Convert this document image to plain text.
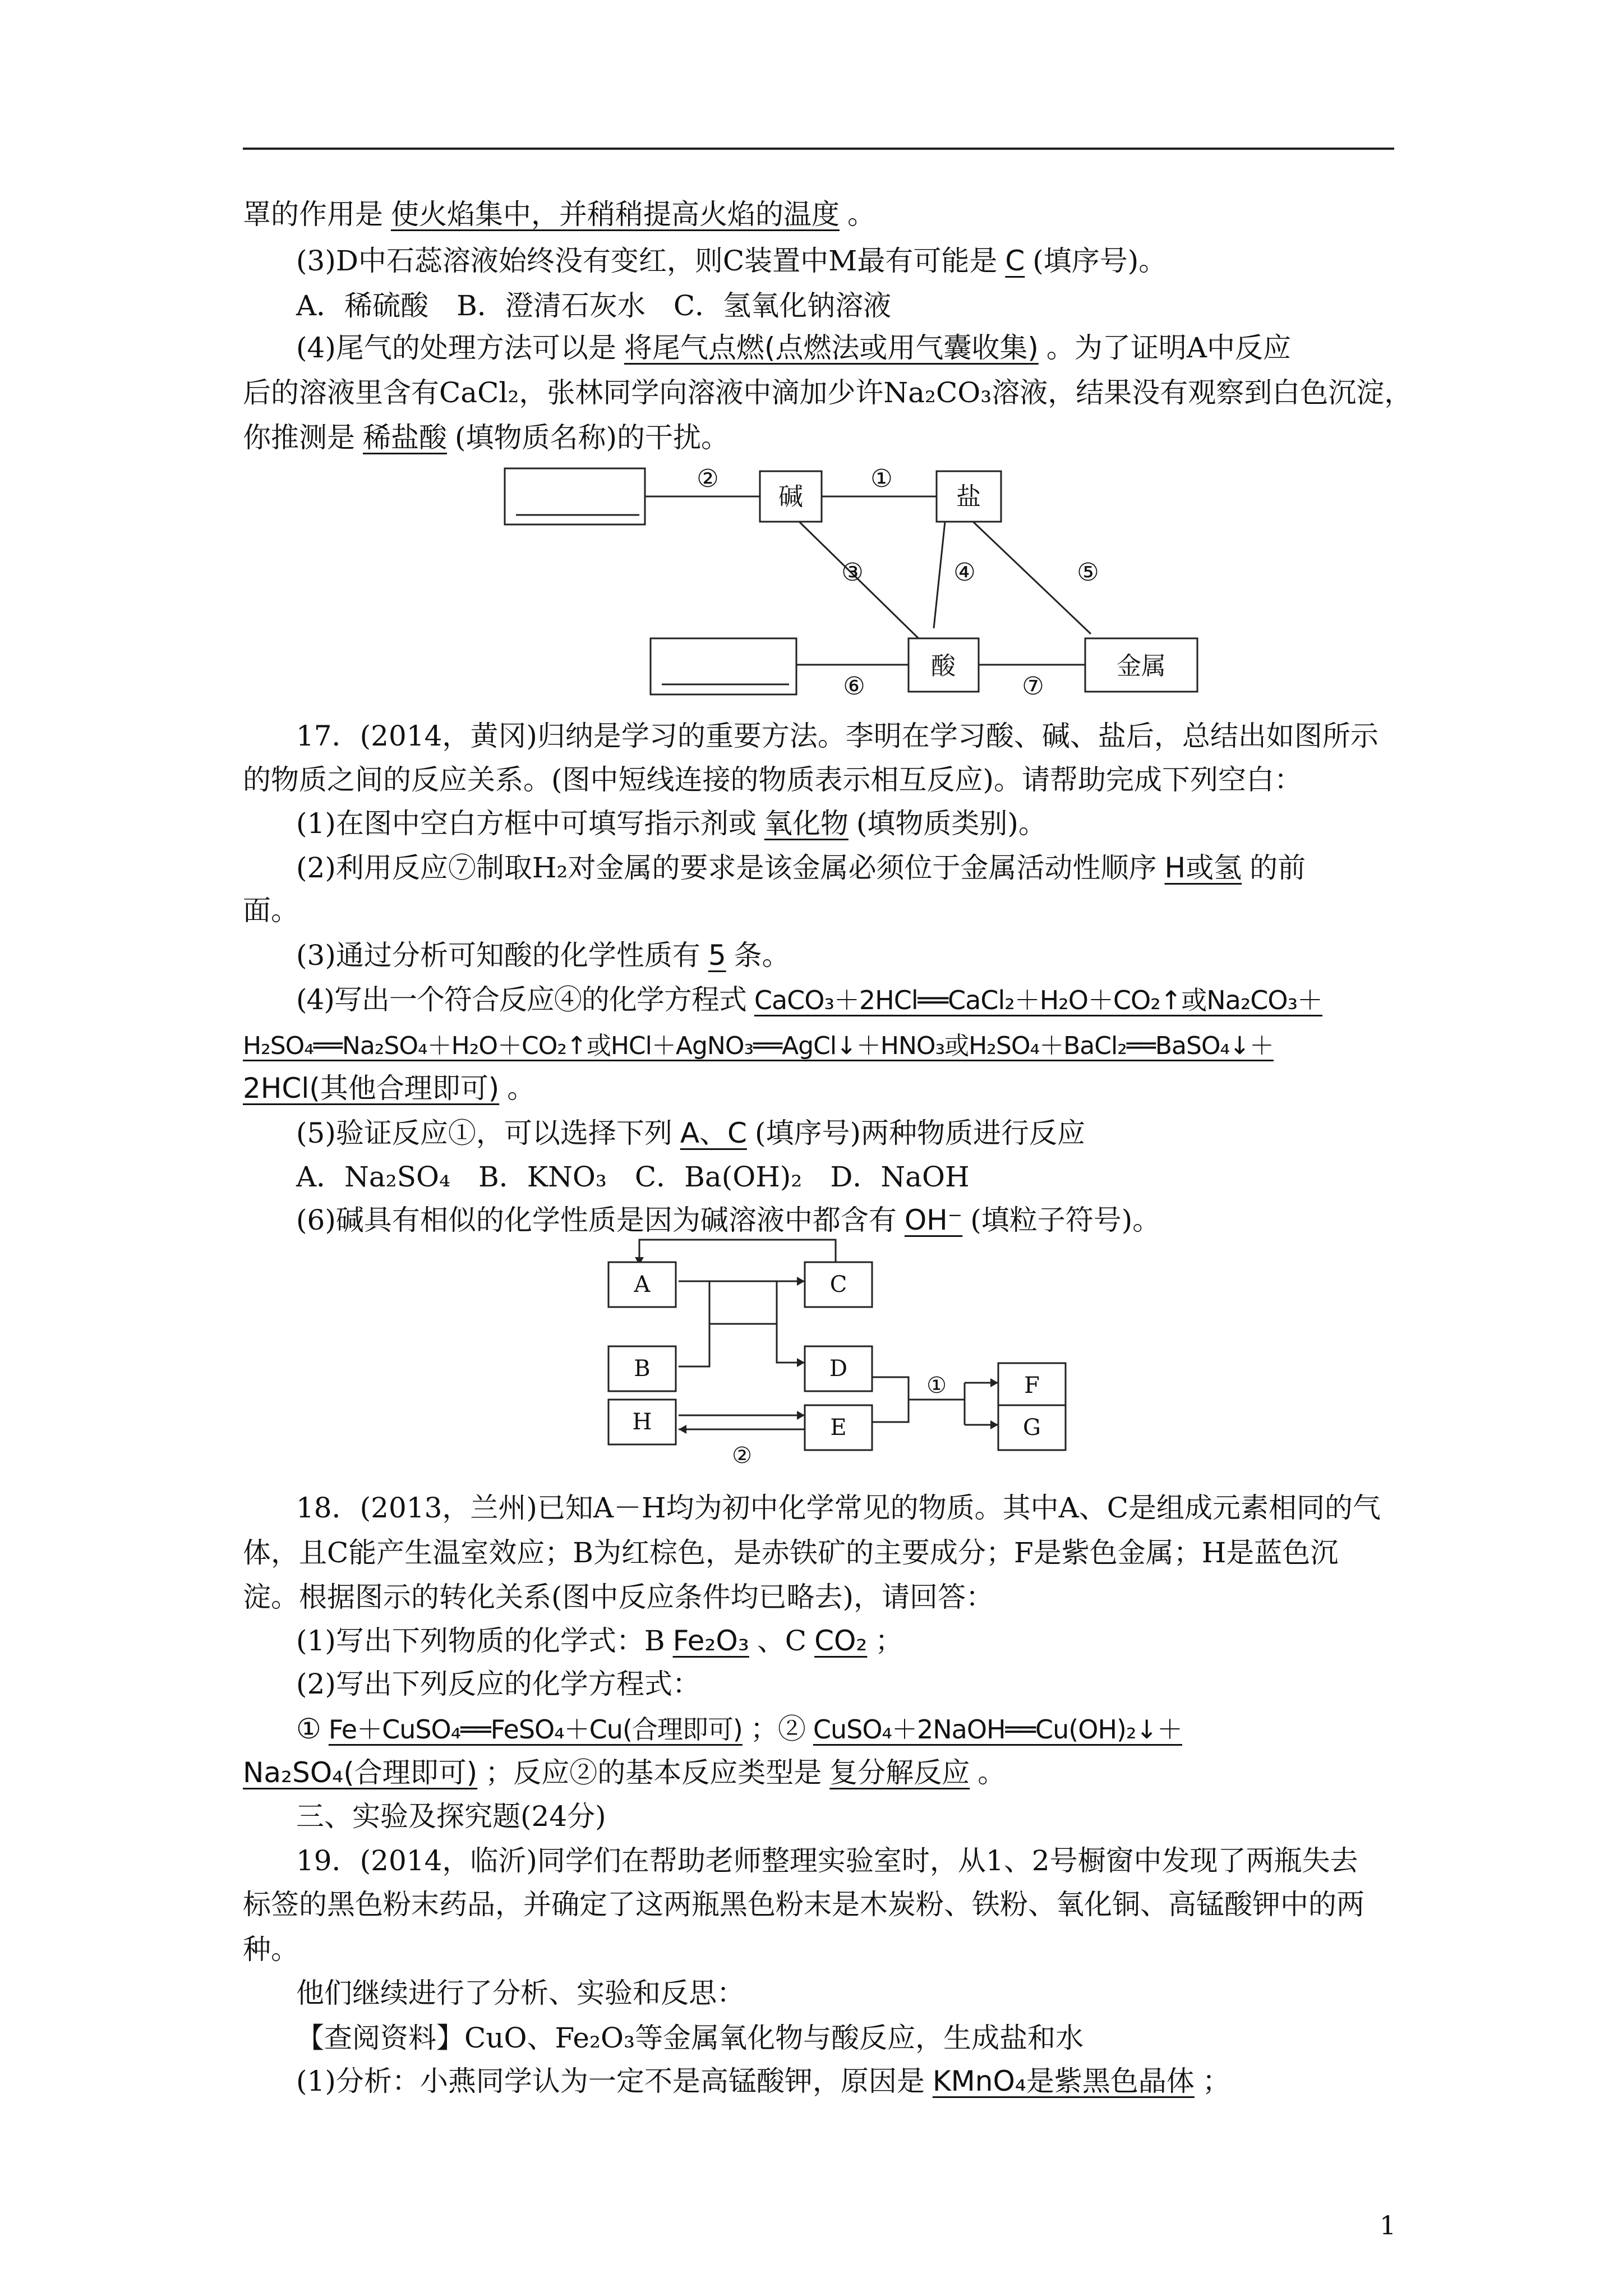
罩的作用是 使火焰集中，并稍稍提高火焰的温度 。
(3)D中石蕊溶液始终没有变红，则C装置中M最有可能是 C (填序号)。
A．稀硫酸　B．澄清石灰水　C．氢氧化钠溶液
(4)尾气的处理方法可以是 将尾气点燃(点燃法或用气囊收集) 。为了证明A中反应
后的溶液里含有CaCl₂，张林同学向溶液中滴加少许Na₂CO₃溶液，结果没有观察到白色沉淀，
你推测是 稀盐酸 (填物质名称)的干扰。
碱	盐
酸	金属
①
②
③	④	⑤
⑥	⑦
17．(2014，黄冈)归纳是学习的重要方法。李明在学习酸、碱、盐后，总结出如图所示
的物质之间的反应关系。(图中短线连接的物质表示相互反应)。请帮助完成下列空白：
(1)在图中空白方框中可填写指示剂或 氧化物 (填物质类别)。
(2)利用反应⑦制取H₂对金属的要求是该金属必须位于金属活动性顺序 H或氢 的前
面。
(3)通过分析可知酸的化学性质有 5 条。
(4)写出一个符合反应④的化学方程式 CaCO₃＋2HCl══CaCl₂＋H₂O＋CO₂↑或Na₂CO₃＋
H₂SO₄══Na₂SO₄＋H₂O＋CO₂↑或HCl＋AgNO₃══AgCl↓＋HNO₃或H₂SO₄＋BaCl₂══BaSO₄↓＋
2HCl(其他合理即可) 。
(5)验证反应①，可以选择下列 A、C (填序号)两种物质进行反应
A．Na₂SO₄　B．KNO₃　C．Ba(OH)₂　D．NaOH
(6)碱具有相似的化学性质是因为碱溶液中都含有 OH⁻ (填粒子符号)。
A
B
H
C
D
E
F
G
①
②
18．(2013，兰州)已知A－H均为初中化学常见的物质。其中A、C是组成元素相同的气
体，且C能产生温室效应；B为红棕色，是赤铁矿的主要成分；F是紫色金属；H是蓝色沉
淀。根据图示的转化关系(图中反应条件均已略去)，请回答：
(1)写出下列物质的化学式：B Fe₂O₃ 、C CO₂ ；
(2)写出下列反应的化学方程式：
① Fe＋CuSO₄══FeSO₄＋Cu(合理即可) ；② CuSO₄＋2NaOH══Cu(OH)₂↓＋
Na₂SO₄(合理即可) ；反应②的基本反应类型是 复分解反应 。
三、实验及探究题(24分)
19．(2014，临沂)同学们在帮助老师整理实验室时，从1、2号橱窗中发现了两瓶失去
标签的黑色粉末药品，并确定了这两瓶黑色粉末是木炭粉、铁粉、氧化铜、高锰酸钾中的两
种。
他们继续进行了分析、实验和反思：
【查阅资料】CuO、Fe₂O₃等金属氧化物与酸反应，生成盐和水
(1)分析：小燕同学认为一定不是高锰酸钾，原因是 KMnO₄是紫黑色晶体 ；
1
